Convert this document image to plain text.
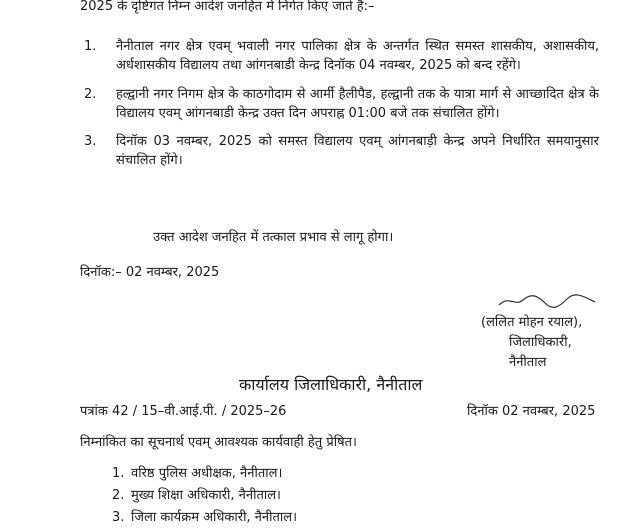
2025 के दृष्टिगत निम्न आदेश जनहित में निर्गत किए जाते है:–
1.	नैनीताल नगर क्षेत्र एवम् भवाली नगर पालिका क्षेत्र के अन्तर्गत स्थित समस्त शासकीय, अशासकीय, अर्धशासकीय विद्यालय तथा आंगनबाडी केन्द्र दिनॉक 04 नवम्बर, 2025 को बन्द रहेंगे।
2.	हल्द्वानी नगर निगम क्षेत्र के काठगोदाम से आर्मी हैलीपैड, हल्द्वानी तक के यात्रा मार्ग से आच्छादित क्षेत्र के विद्यालय एवम् आंगनबाडी केन्द्र उक्त दिन अपराह्न 01:00 बजे तक संचालित होंगे।
3.	दिनॉक 03 नवम्बर, 2025 को समस्त विद्यालय एवम् आंगनबाड़ी केन्द्र अपने निर्धारित समयानुसार संचालित होंगे।
उक्त आदेश जनहित में तत्काल प्रभाव से लागू होगा।
दिनॉक:– 02 नवम्बर, 2025
(ललित मोहन रयाल),
जिलाधिकारी,
नैनीताल
कार्यालय जिलाधिकारी, नैनीताल
पत्रांक 42 / 15–वी.आई.पी. / 2025–26	दिनॉक 02 नवम्बर, 2025
निम्नांकित का सूचनार्थ एवम् आवश्यक कार्यवाही हेतु प्रेषित।
1. वरिष्ठ पुलिस अधीक्षक, नैनीताल।
2. मुख्य शिक्षा अधिकारी, नैनीताल।
3. जिला कार्यक्रम अधिकारी, नैनीताल।
